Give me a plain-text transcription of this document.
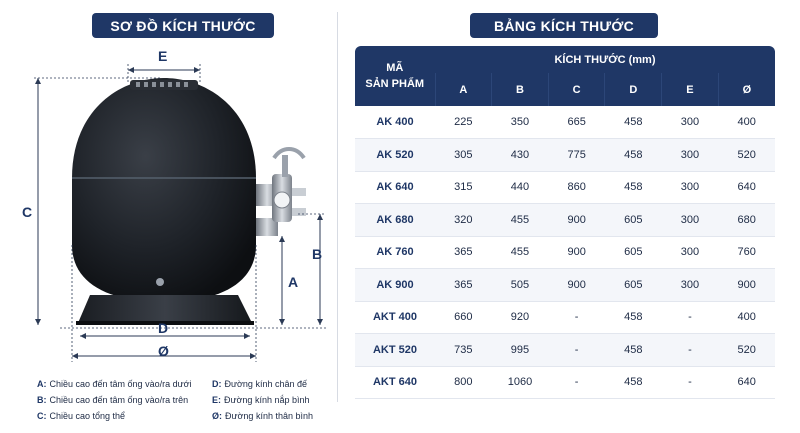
SƠ ĐỒ KÍCH THƯỚC	BẢNG KÍCH THƯỚC
E
C
B
A
D
Ø
A: Chiều cao đến tâm ống vào/ra dưới D: Đường kính chân đế
B: Chiều cao đến tâm ống vào/ra trên	E: Đường kính nắp bình
C: Chiều cao tổng thể	Ø: Đường kính thân bình
MÃ
SẢN PHẨM	KÍCH THƯỚC (mm)					
	A	B	C	D	E	Ø
AK 400	225	350	665	458	300	400
AK 520	305	430	775	458	300	520
AK 640	315	440	860	458	300	640
AK 680	320	455	900	605	300	680
AK 760	365	455	900	605	300	760
AK 900	365	505	900	605	300	900
AKT 400	660	920	-	458	-	400
AKT 520	735	995	-	458	-	520
AKT 640	800	1060	-	458	-	640
